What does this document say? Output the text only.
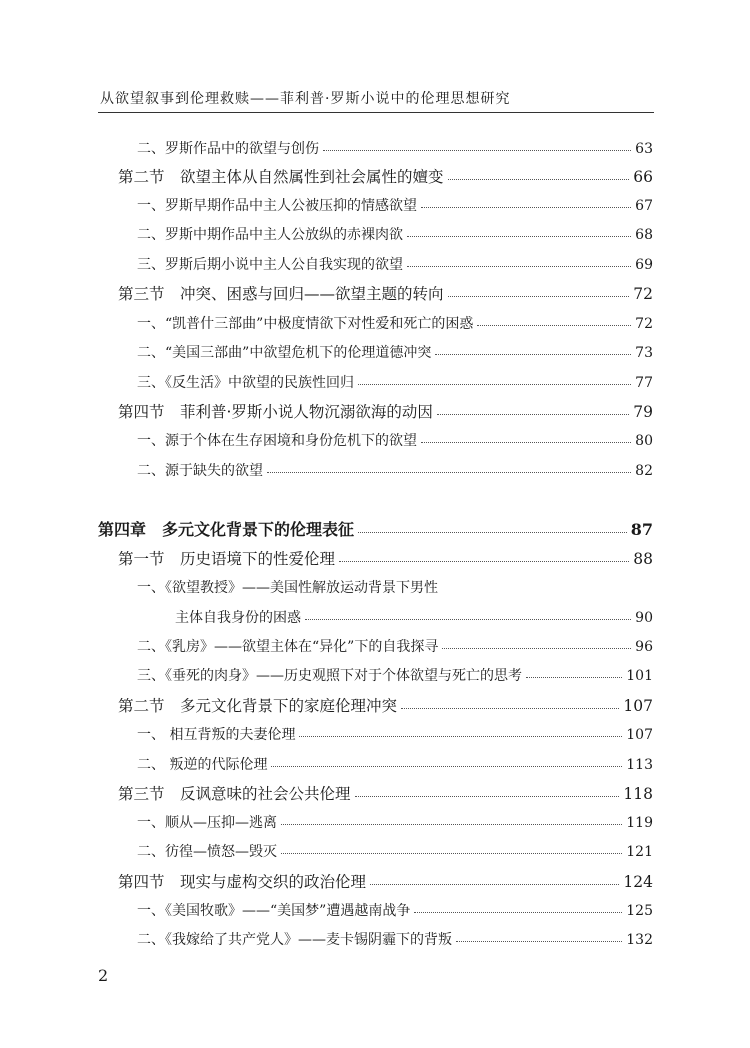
从欲望叙事到伦理救赎——菲利普·罗斯小说中的伦理思想研究
二、罗斯作品中的欲望与创伤	63
第二节　欲望主体从自然属性到社会属性的嬗变	66
一、罗斯早期作品中主人公被压抑的情感欲望	67
二、罗斯中期作品中主人公放纵的赤裸肉欲	68
三、罗斯后期小说中主人公自我实现的欲望	69
第三节　冲突、困惑与回归——欲望主题的转向	72
一、“凯普什三部曲”中极度情欲下对性爱和死亡的困惑	72
二、“美国三部曲”中欲望危机下的伦理道德冲突	73
三、《反生活》中欲望的民族性回归	77
第四节　菲利普·罗斯小说人物沉溺欲海的动因	79
一、源于个体在生存困境和身份危机下的欲望	80
二、源于缺失的欲望	82
第四章　多元文化背景下的伦理表征	87
第一节　历史语境下的性爱伦理	88
一、《欲望教授》——美国性解放运动背景下男性
主体自我身份的困惑	90
二、《乳房》——欲望主体在“异化”下的自我探寻	96
三、《垂死的肉身》——历史观照下对于个体欲望与死亡的思考	101
第二节　多元文化背景下的家庭伦理冲突	107
一、 相互背叛的夫妻伦理	107
二、 叛逆的代际伦理	113
第三节　反讽意味的社会公共伦理	118
一、顺从—压抑—逃离	119
二、彷徨—愤怒—毁灭	121
第四节　现实与虚构交织的政治伦理	124
一、《美国牧歌》——“美国梦”遭遇越南战争	125
二、《我嫁给了共产党人》——麦卡锡阴霾下的背叛	132
2
